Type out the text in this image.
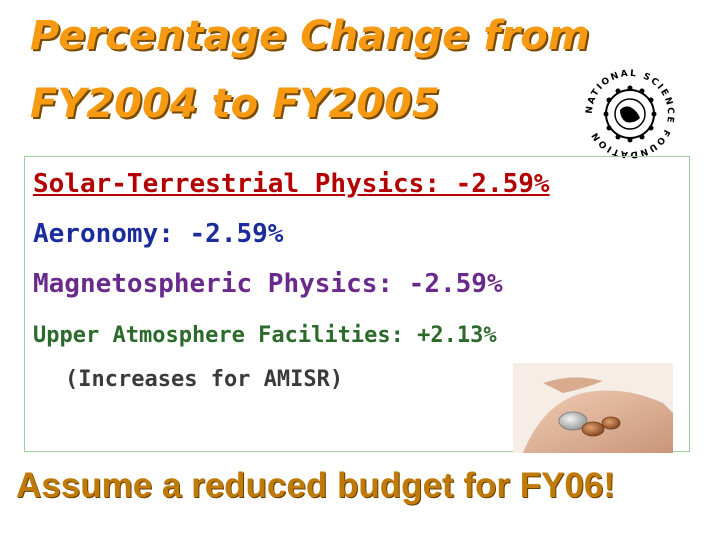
Percentage Change from
FY2004 to FY2005	NATIONAL SCIENCE FOUNDATION
Solar-Terrestrial Physics: -2.59%
Aeronomy: -2.59%
Magnetospheric Physics: -2.59%
Upper Atmosphere Facilities: +2.13%
(Increases for AMISR)
Assume a reduced budget for FY06!
